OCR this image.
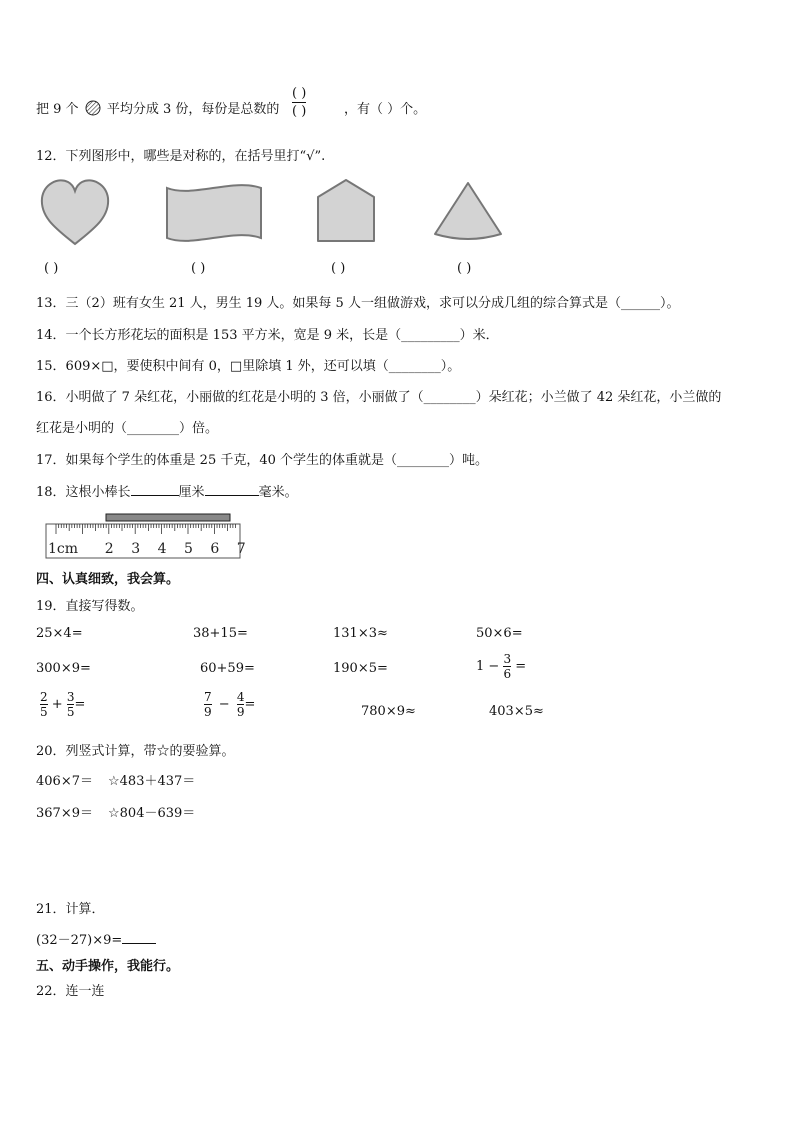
把 9 个 平均分成 3 份，每份是总数的
( )
( )	，有（ ）个。
12．下列图形中，哪些是对称的，在括号里打“√”.
( )	( )	( )	( )
13．三（2）班有女生 21 人，男生 19 人。如果每 5 人一组做游戏，求可以分成几组的综合算式是（______）。
14．一个长方形花坛的面积是 153 平方米，宽是 9 米，长是（_________）米．
15．609×□，要使积中间有 0，□里除填 1 外，还可以填（________）。
16．小明做了 7 朵红花，小丽做的红花是小明的 3 倍，小丽做了（________）朵红花；小兰做了 42 朵红花，小兰做的
红花是小明的（________）倍。
17．如果每个学生的体重是 25 千克，40 个学生的体重就是（________）吨。
18．这根小棒长	厘米	毫米。
1cm 2 3 4 5 6 7
四、认真细致，我会算。
19．直接写得数。
25×4=	38+15=	131×3≈	50×6=
300×9=	60+59=	190×5=	$1 - \frac{3}{6}$ =
$\frac{2}{5} + \frac{3}{5}$ =	$\frac{7}{9} - \frac{4}{9}$ =	780×9≈	403×5≈
20．列竖式计算，带☆的要验算。
406×7＝ ☆483＋437＝
367×9＝ ☆804－639＝
21．计算．
(32－27)×9=
五、动手操作，我能行。
22．连一连
